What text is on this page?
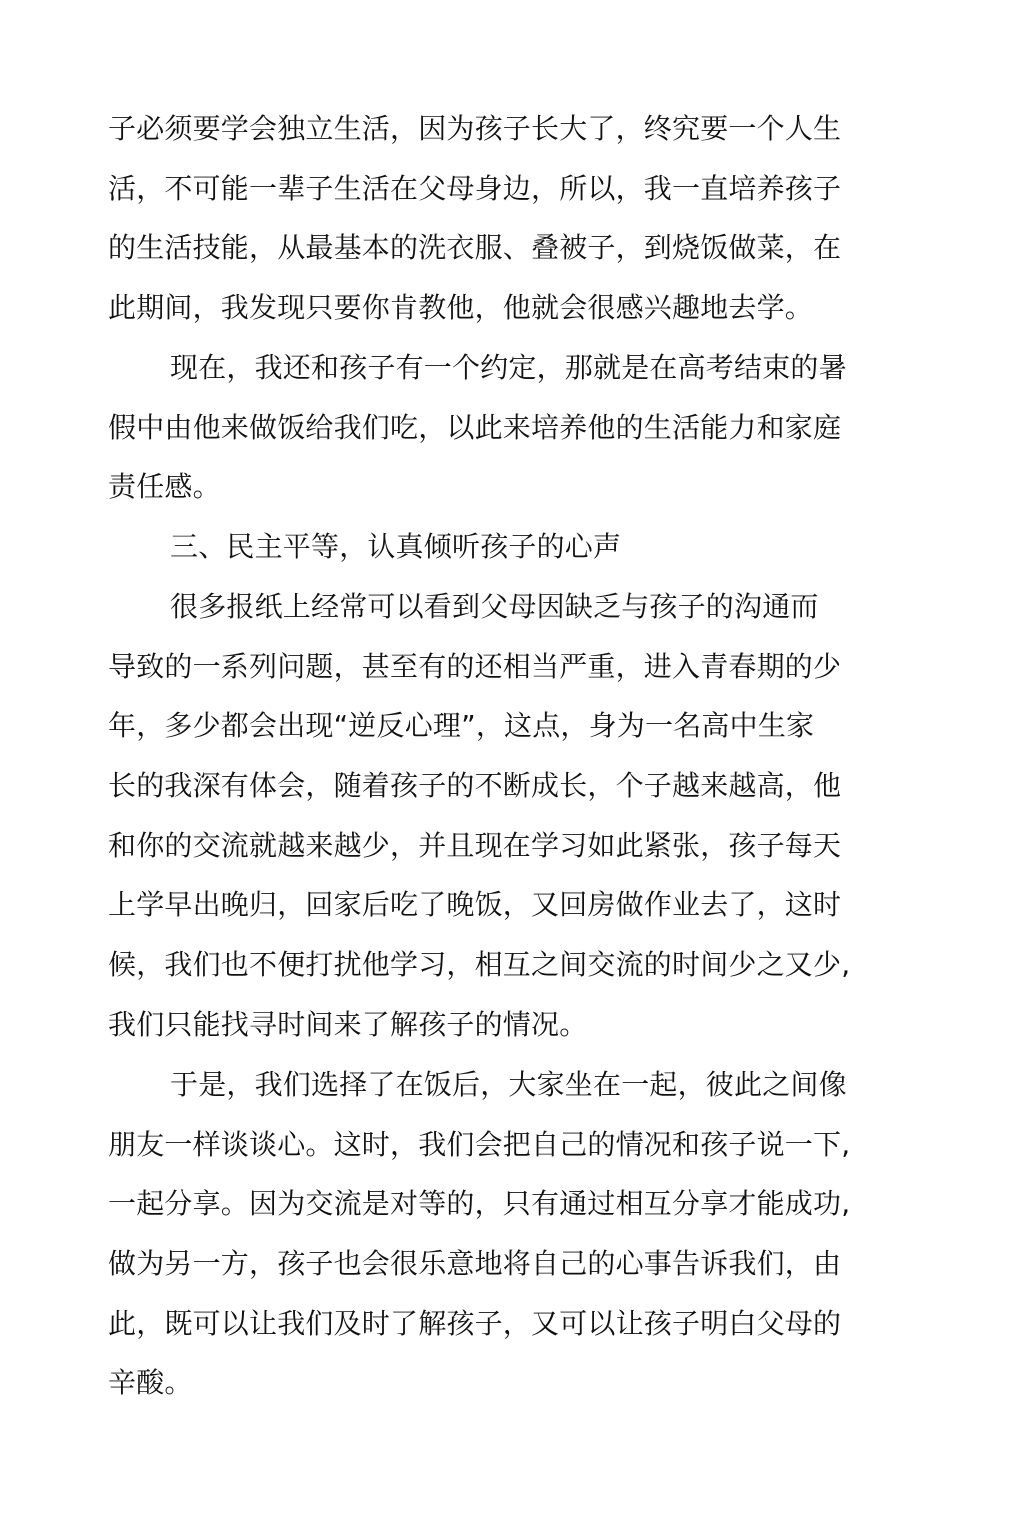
子必须要学会独立生活，因为孩子长大了，终究要一个人生
活，不可能一辈子生活在父母身边，所以，我一直培养孩子
的生活技能，从最基本的洗衣服、叠被子，到烧饭做菜，在
此期间，我发现只要你肯教他，他就会很感兴趣地去学。
现在，我还和孩子有一个约定，那就是在高考结束的暑
假中由他来做饭给我们吃，以此来培养他的生活能力和家庭
责任感。
三、民主平等，认真倾听孩子的心声
很多报纸上经常可以看到父母因缺乏与孩子的沟通而
导致的一系列问题，甚至有的还相当严重，进入青春期的少
年，多少都会出现“逆反心理”，这点，身为一名高中生家
长的我深有体会，随着孩子的不断成长，个子越来越高，他
和你的交流就越来越少，并且现在学习如此紧张，孩子每天
上学早出晚归，回家后吃了晚饭，又回房做作业去了，这时
候，我们也不便打扰他学习，相互之间交流的时间少之又少,
我们只能找寻时间来了解孩子的情况。
于是，我们选择了在饭后，大家坐在一起，彼此之间像
朋友一样谈谈心。这时，我们会把自己的情况和孩子说一下,
一起分享。因为交流是对等的，只有通过相互分享才能成功,
做为另一方，孩子也会很乐意地将自己的心事告诉我们，由
此，既可以让我们及时了解孩子，又可以让孩子明白父母的
辛酸。
